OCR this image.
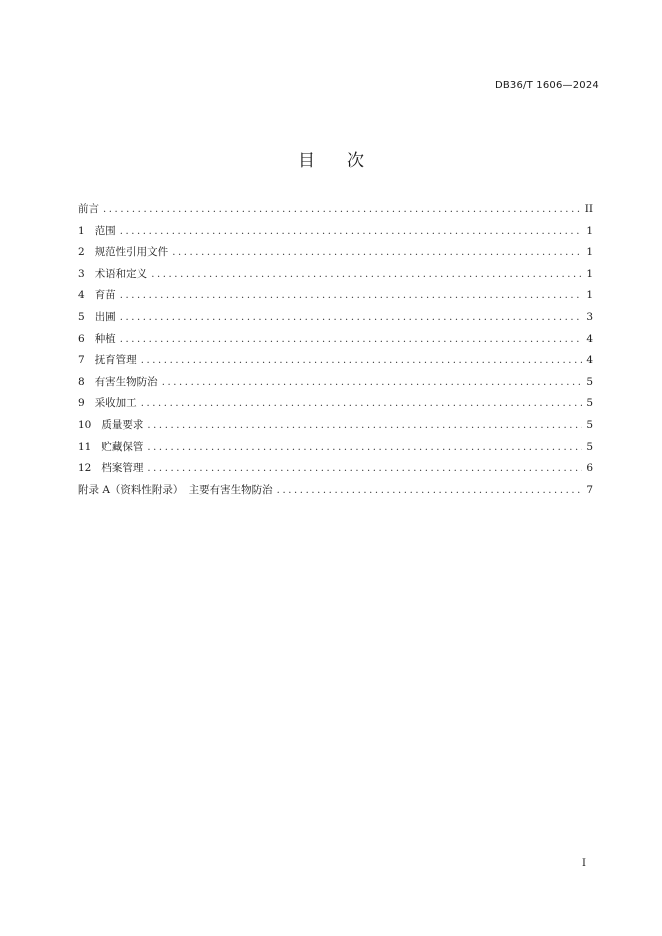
DB36/T 1606—2024
目次
前言 .....	II
1 范围 .....	1
2 规范性引用文件 .....	1
3 术语和定义 .....	1
4 育苗 .....	1
5 出圃 .....	3
6 种植 .....	4
7 抚育管理 .....	4
8 有害生物防治 .....	5
9 采收加工 .....	5
10 质量要求 .....	5
11 贮藏保管 .....	5
12 档案管理 .....	6
附录 A（资料性附录）　主要有害生物防治 .....	7
I
